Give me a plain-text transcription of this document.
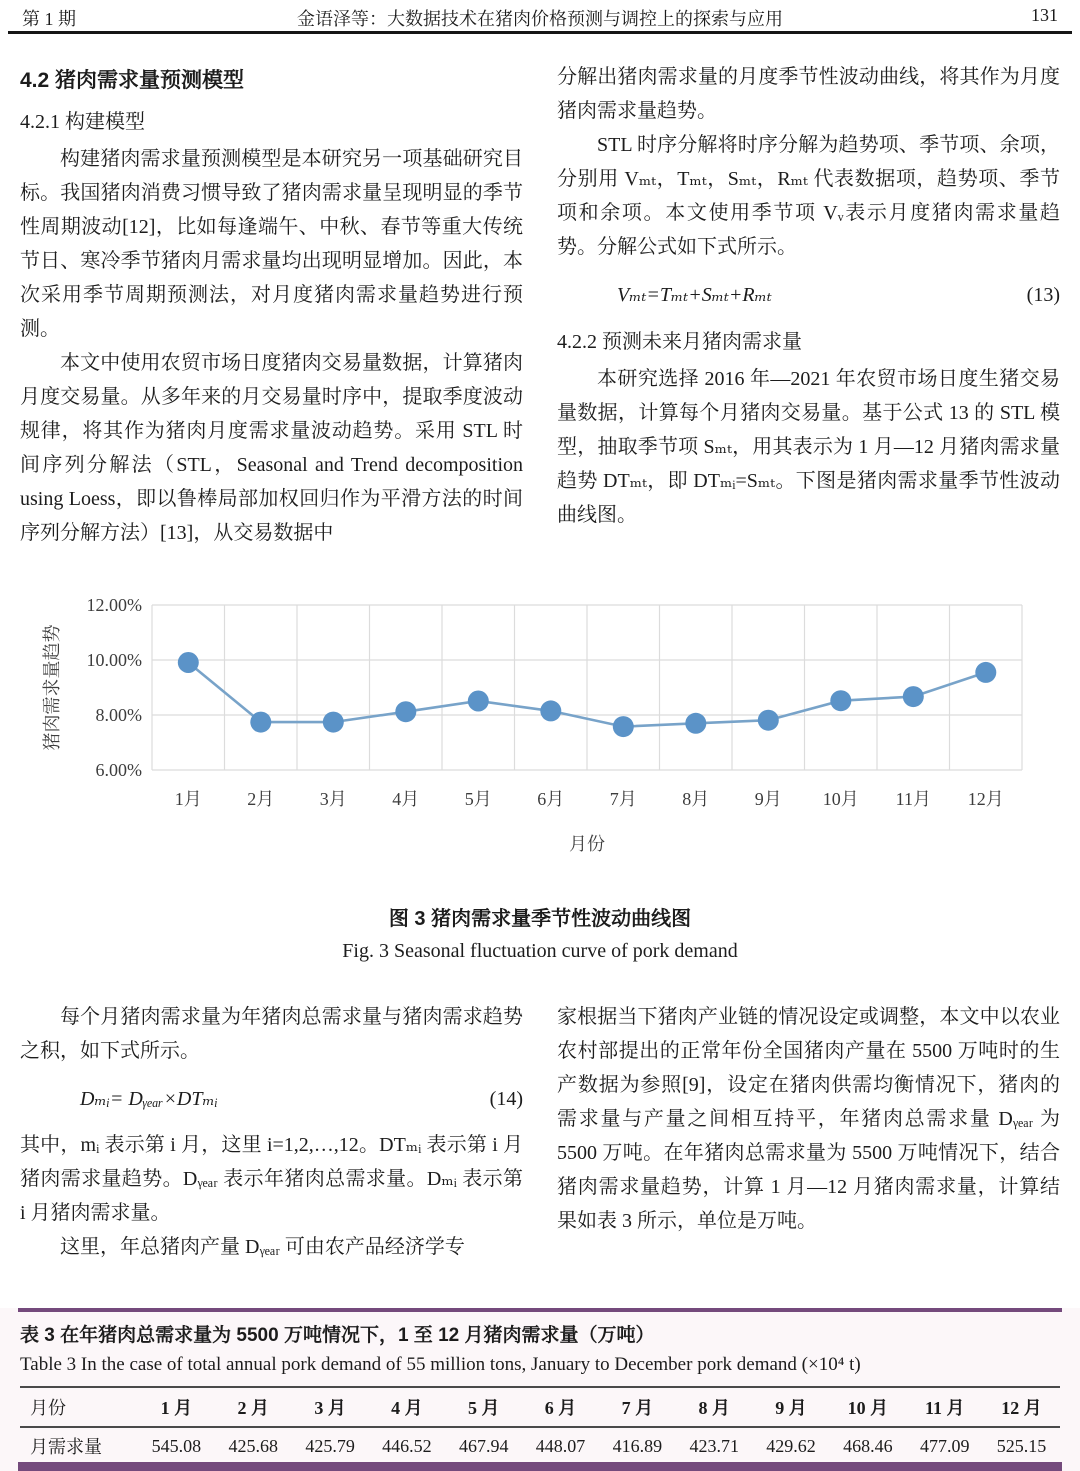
第 1 期	金语泽等：大数据技术在猪肉价格预测与调控上的探索与应用	131
4.2 猪肉需求量预测模型
4.2.1 构建模型

构建猪肉需求量预测模型是本研究另一项基础研究目标。我国猪肉消费习惯导致了猪肉需求量呈现明显的季节性周期波动[12]，比如每逢端午、中秋、春节等重大传统节日、寒冷季节猪肉月需求量均出现明显增加。因此，本次采用季节周期预测法，对月度猪肉需求量趋势进行预测。

本文中使用农贸市场日度猪肉交易量数据，计算猪肉月度交易量。从多年来的月交易量时序中，提取季度波动规律，将其作为猪肉月度需求量波动趋势。采用 STL 时间序列分解法（STL，Seasonal and Trend decomposition using Loess，即以鲁棒局部加权回归作为平滑方法的时间序列分解方法）[13]，从交易数据中

分解出猪肉需求量的月度季节性波动曲线，将其作为月度猪肉需求量趋势。

STL 时序分解将时序分解为趋势项、季节项、余项，分别用 Vₘₜ，Tₘₜ，Sₘₜ，Rₘₜ 代表数据项，趋势项、季节项和余项。本文使用季节项 Vᵥ表示月度猪肉需求量趋势。分解公式如下式所示。

Vₘₜ=Tₘₜ+Sₘₜ+Rₘₜ	(13)
4.2.2 预测未来月猪肉需求量

本研究选择 2016 年—2021 年农贸市场日度生猪交易量数据，计算每个月猪肉交易量。基于公式 13 的 STL 模型，抽取季节项 Sₘₜ，用其表示为 1 月—12 月猪肉需求量趋势 DTₘₜ，即 DTₘᵢ=Sₘₜ。下图是猪肉需求量季节性波动曲线图。

6.00%
8.00%
10.00%
12.00%
1月	2月	3月	4月	5月	6月	7月	8月	9月 10月 11月 12月
月份
猪肉需求量趋势
图 3 猪肉需求量季节性波动曲线图
Fig. 3 Seasonal fluctuation curve of pork demand

每个月猪肉需求量为年猪肉总需求量与猪肉需求趋势之积，如下式所示。

Dₘᵢ= Dᵧₑₐᵣ×DTₘᵢ	(14)

其中，mᵢ 表示第 i 月，这里 i=1,2,…,12。DTₘᵢ 表示第 i 月猪肉需求量趋势。Dᵧₑₐᵣ 表示年猪肉总需求量。Dₘᵢ 表示第 i 月猪肉需求量。

这里，年总猪肉产量 Dᵧₑₐᵣ 可由农产品经济学专

家根据当下猪肉产业链的情况设定或调整，本文中以农业农村部提出的正常年份全国猪肉产量在 5500 万吨时的生产数据为参照[9]，设定在猪肉供需均衡情况下，猪肉的需求量与产量之间相互持平，年猪肉总需求量 Dᵧₑₐᵣ 为 5500 万吨。在年猪肉总需求量为 5500 万吨情况下，结合猪肉需求量趋势，计算 1 月—12 月猪肉需求量，计算结果如表 3 所示，单位是万吨。

表 3 在年猪肉总需求量为 5500 万吨情况下，1 至 12 月猪肉需求量（万吨）
Table 3 In the case of total annual pork demand of 55 million tons, January to December pork demand (×10⁴ t)
月份	1 月	2 月	3 月	4 月	5 月	6 月	7 月	8 月	9 月	10 月	11 月	12 月
月需求量	545.08	425.68	425.79	446.52	467.94	448.07	416.89	423.71	429.62	468.46	477.09	525.15
